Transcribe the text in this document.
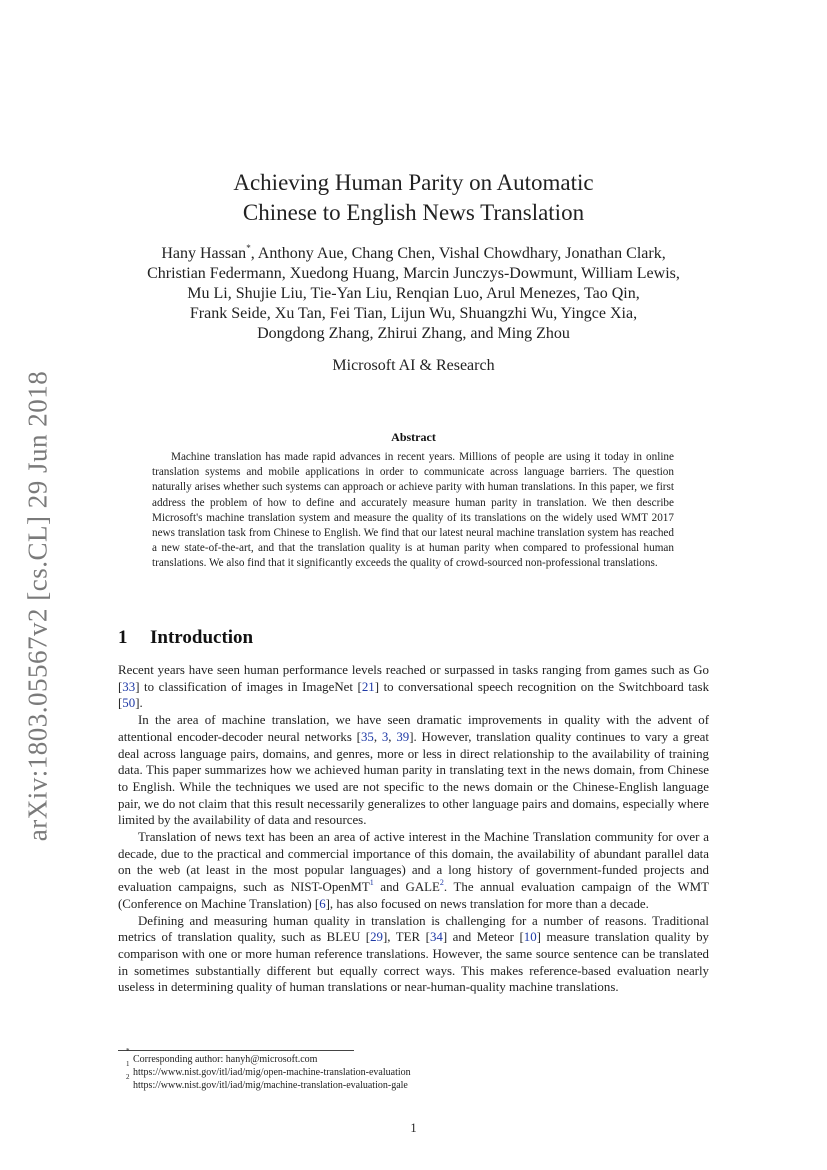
arXiv:1803.05567v2 [cs.CL] 29 Jun 2018
Achieving Human Parity on Automatic
Chinese to English News Translation
Hany Hassan*, Anthony Aue, Chang Chen, Vishal Chowdhary, Jonathan Clark,
Christian Federmann, Xuedong Huang, Marcin Junczys-Dowmunt, William Lewis,
Mu Li, Shujie Liu, Tie-Yan Liu, Renqian Luo, Arul Menezes, Tao Qin,
Frank Seide, Xu Tan, Fei Tian, Lijun Wu, Shuangzhi Wu, Yingce Xia,
Dongdong Zhang, Zhirui Zhang, and Ming Zhou
Microsoft AI & Research
Abstract

Machine translation has made rapid advances in recent years. Millions of people are using it today in online translation systems and mobile applications in order to communicate across language barriers. The question naturally arises whether such systems can approach or achieve parity with human translations. In this paper, we first address the problem of how to define and accurately measure human parity in translation. We then describe Microsoft's machine translation system and measure the quality of its translations on the widely used WMT 2017 news translation task from Chinese to English. We find that our latest neural machine translation system has reached a new state-of-the-art, and that the translation quality is at human parity when compared to professional human translations. We also find that it significantly exceeds the quality of crowd-sourced non-professional translations.

1 Introduction

Recent years have seen human performance levels reached or surpassed in tasks ranging from games such as Go [33] to classification of images in ImageNet [21] to conversational speech recognition on the Switchboard task [50].

In the area of machine translation, we have seen dramatic improvements in quality with the advent of attentional encoder-decoder neural networks [35, 3, 39]. However, translation quality continues to vary a great deal across language pairs, domains, and genres, more or less in direct relationship to the availability of training data. This paper summarizes how we achieved human parity in translating text in the news domain, from Chinese to English. While the techniques we used are not specific to the news domain or the Chinese-English language pair, we do not claim that this result necessarily generalizes to other language pairs and domains, especially where limited by the availability of data and resources.

Translation of news text has been an area of active interest in the Machine Translation community for over a decade, due to the practical and commercial importance of this domain, the availability of abundant parallel data on the web (at least in the most popular languages) and a long history of government-funded projects and evaluation campaigns, such as NIST-OpenMT$^1$ and GALE$^2$. The annual evaluation campaign of the WMT (Conference on Machine Translation) [6], has also focused on news translation for more than a decade.

Defining and measuring human quality in translation is challenging for a number of reasons. Traditional metrics of translation quality, such as BLEU [29], TER [34] and Meteor [10] measure translation quality by comparison with one or more human reference translations. However, the same source sentence can be translated in sometimes substantially different but equally correct ways. This makes reference-based evaluation nearly useless in determining quality of human translations or near-human-quality machine translations.

*
Corresponding author: hanyh@microsoft.com
1
https://www.nist.gov/itl/iad/mig/open-machine-translation-evaluation
2
https://www.nist.gov/itl/iad/mig/machine-translation-evaluation-gale
1
